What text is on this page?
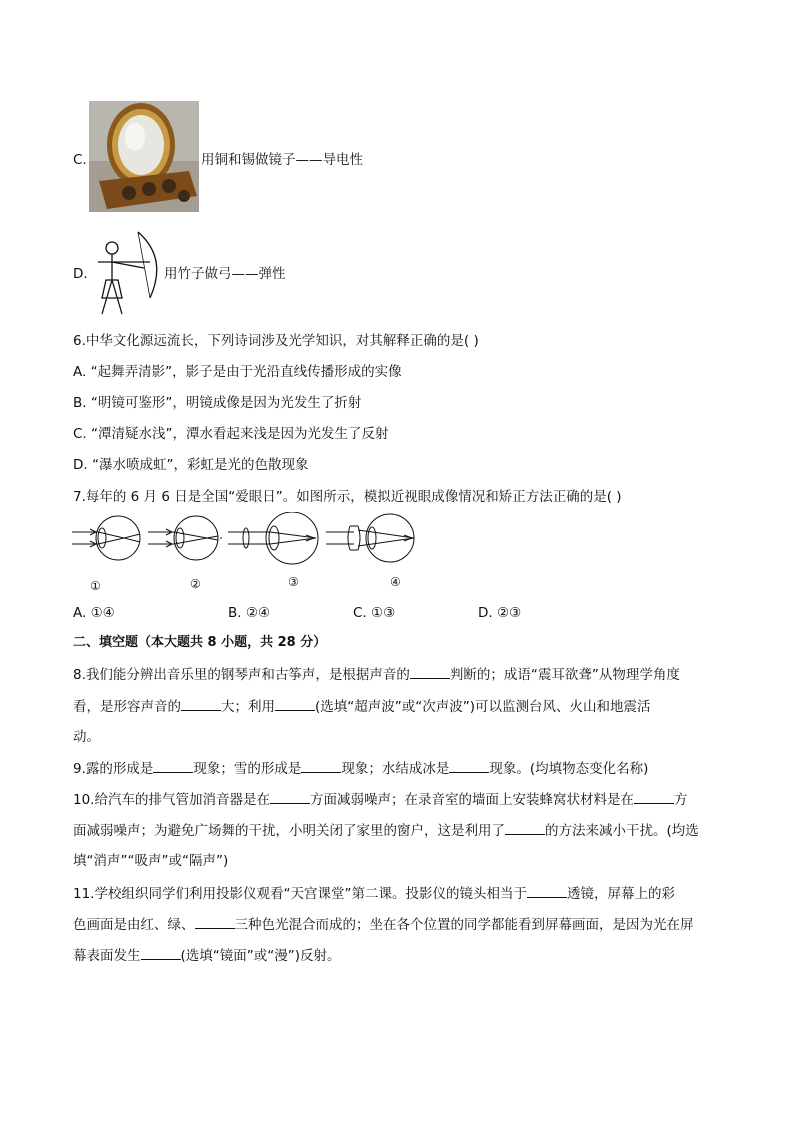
C.	用铜和锡做镜子——导电性
D.	用竹子做弓——弹性
6.中华文化源远流长，下列诗词涉及光学知识，对其解释正确的是( )
A. “起舞弄清影”，影子是由于光沿直线传播形成的实像
B. “明镜可鉴形”，明镜成像是因为光发生了折射
C. “潭清疑水浅”，潭水看起来浅是因为光发生了反射
D. “瀑水喷成虹”，彩虹是光的色散现象
7.每年的 6 月 6 日是全国“爱眼日”。如图所示，模拟近视眼成像情况和矫正方法正确的是( )
①	②	③	④
A. ①④	B. ②④	C. ①③	D. ②③
二、填空题（本大题共 8 小题，共 28 分）
8.我们能分辨出音乐里的钢琴声和古筝声，是根据声音的	判断的；成语“震耳欲聋”从物理学角度
看，是形容声音的	大；利用	(选填“超声波”或“次声波”)可以监测台风、火山和地震活
动。
9.露的形成是	现象；雪的形成是	现象；水结成冰是	现象。(均填物态变化名称)
10.给汽车的排气管加消音器是在	方面减弱噪声；在录音室的墙面上安装蜂窝状材料是在	方
面减弱噪声；为避免广场舞的干扰，小明关闭了家里的窗户，这是利用了	的方法来减小干扰。(均选
填“消声”“吸声”或“隔声”)
11.学校组织同学们利用投影仪观看“天宫课堂”第二课。投影仪的镜头相当于	透镜，屏幕上的彩
色画面是由红、绿、	三种色光混合而成的；坐在各个位置的同学都能看到屏幕画面，是因为光在屏
幕表面发生	(选填“镜面”或“漫”)反射。
